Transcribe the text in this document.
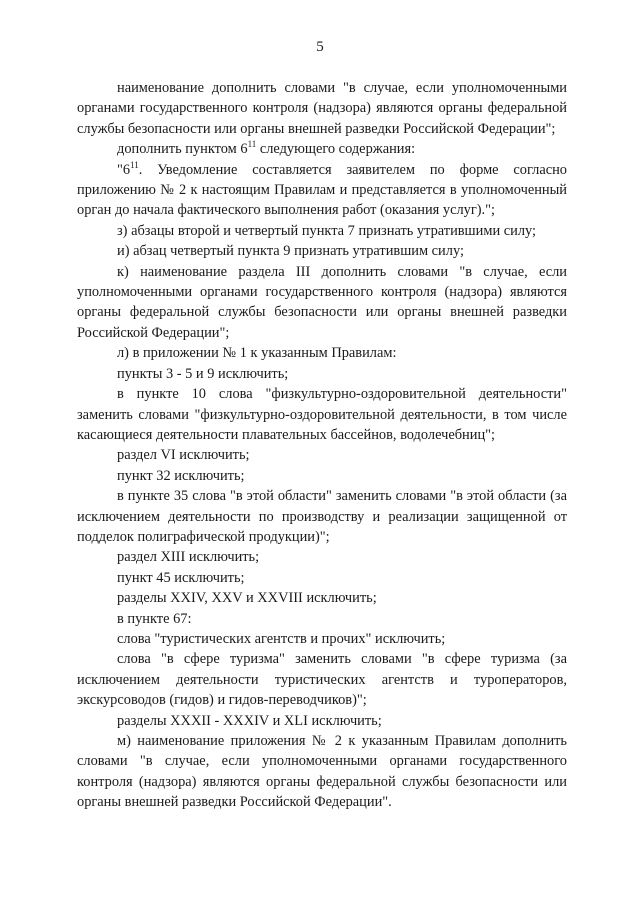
5

наименование дополнить словами "в случае, если уполномоченными органами государственного контроля (надзора) являются органы федеральной службы безопасности или органы внешней разведки Российской Федерации";

дополнить пунктом $6^{11}$ следующего содержания:

"$6^{11}$. Уведомление составляется заявителем по форме согласно приложению № 2 к настоящим Правилам и представляется в уполномоченный орган до начала фактического выполнения работ (оказания услуг).";

з) абзацы второй и четвертый пункта 7 признать утратившими силу;

и) абзац четвертый пункта 9 признать утратившим силу;

к) наименование раздела III дополнить словами "в случае, если уполномоченными органами государственного контроля (надзора) являются органы федеральной службы безопасности или органы внешней разведки Российской Федерации";

л) в приложении № 1 к указанным Правилам:

пункты 3 - 5 и 9 исключить;

в пункте 10 слова "физкультурно-оздоровительной деятельности" заменить словами "физкультурно-оздоровительной деятельности, в том числе касающиеся деятельности плавательных бассейнов, водолечебниц";

раздел VI исключить;

пункт 32 исключить;

в пункте 35 слова "в этой области" заменить словами "в этой области (за исключением деятельности по производству и реализации защищенной от подделок полиграфической продукции)";

раздел XIII исключить;

пункт 45 исключить;

разделы XXIV, XXV и XXVIII исключить;

в пункте 67:

слова "туристических агентств и прочих" исключить;

слова "в сфере туризма" заменить словами "в сфере туризма (за исключением деятельности туристических агентств и туроператоров, экскурсоводов (гидов) и гидов-переводчиков)";

разделы XXXII - XXXIV и XLI исключить;

м) наименование приложения № 2 к указанным Правилам дополнить словами "в случае, если уполномоченными органами государственного контроля (надзора) являются органы федеральной службы безопасности или органы внешней разведки Российской Федерации".
